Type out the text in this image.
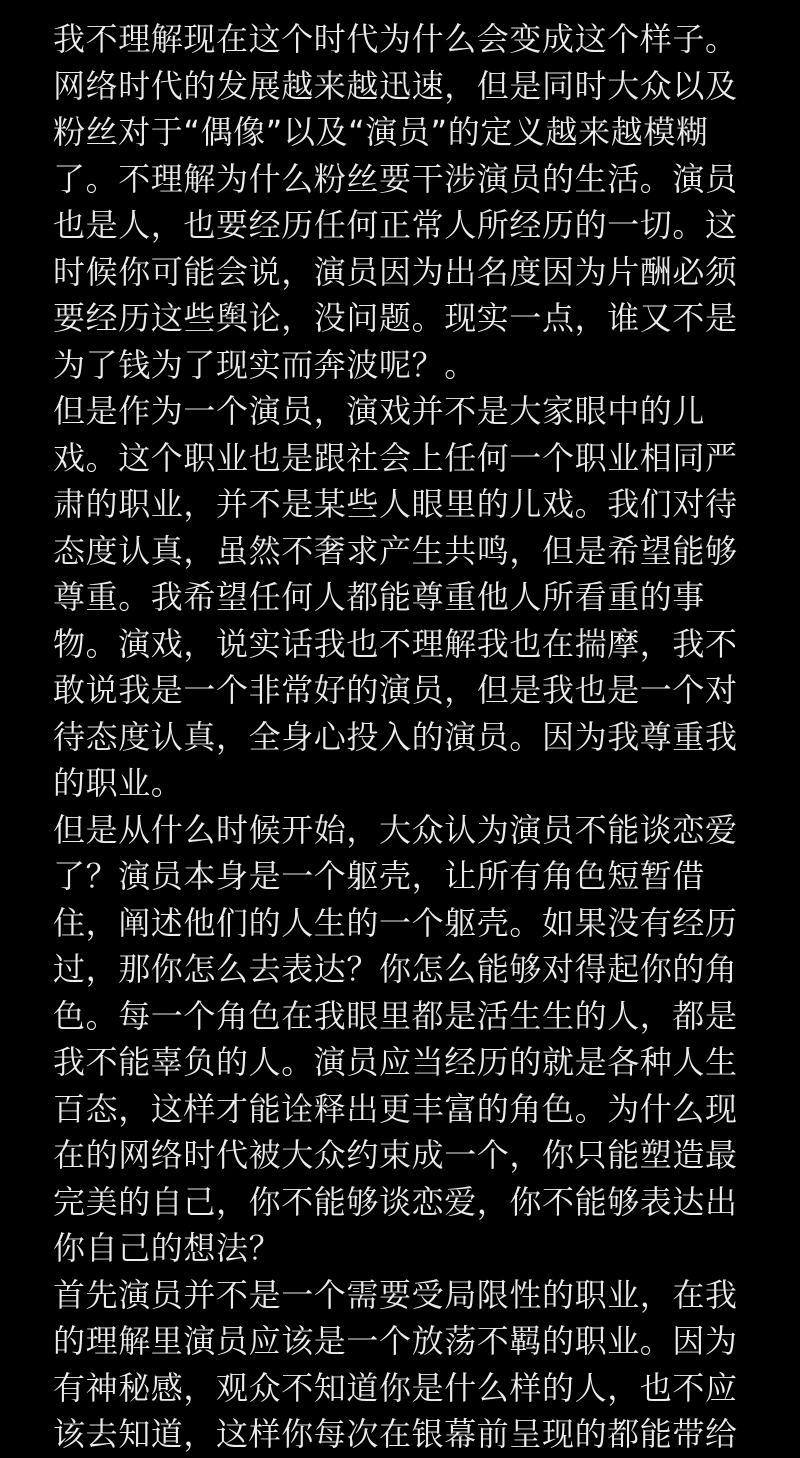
我不理解现在这个时代为什么会变成这个样子。
网络时代的发展越来越迅速，但是同时大众以及
粉丝对于“偶像”以及“演员”的定义越来越模糊
了。不理解为什么粉丝要干涉演员的生活。演员
也是人，也要经历任何正常人所经历的一切。这
时候你可能会说，演员因为出名度因为片酬必须
要经历这些舆论，没问题。现实一点，谁又不是
为了钱为了现实而奔波呢？。
但是作为一个演员，演戏并不是大家眼中的儿
戏。这个职业也是跟社会上任何一个职业相同严
肃的职业，并不是某些人眼里的儿戏。我们对待
态度认真，虽然不奢求产生共鸣，但是希望能够
尊重。我希望任何人都能尊重他人所看重的事
物。演戏，说实话我也不理解我也在揣摩，我不
敢说我是一个非常好的演员，但是我也是一个对
待态度认真，全身心投入的演员。因为我尊重我
的职业。
但是从什么时候开始，大众认为演员不能谈恋爱
了？演员本身是一个躯壳，让所有角色短暂借
住，阐述他们的人生的一个躯壳。如果没有经历
过，那你怎么去表达？你怎么能够对得起你的角
色。每一个角色在我眼里都是活生生的人，都是
我不能辜负的人。演员应当经历的就是各种人生
百态，这样才能诠释出更丰富的角色。为什么现
在的网络时代被大众约束成一个，你只能塑造最
完美的自己，你不能够谈恋爱，你不能够表达出
你自己的想法？
首先演员并不是一个需要受局限性的职业，在我
的理解里演员应该是一个放荡不羁的职业。因为
有神秘感，观众不知道你是什么样的人，也不应
该去知道，这样你每次在银幕前呈现的都能带给
